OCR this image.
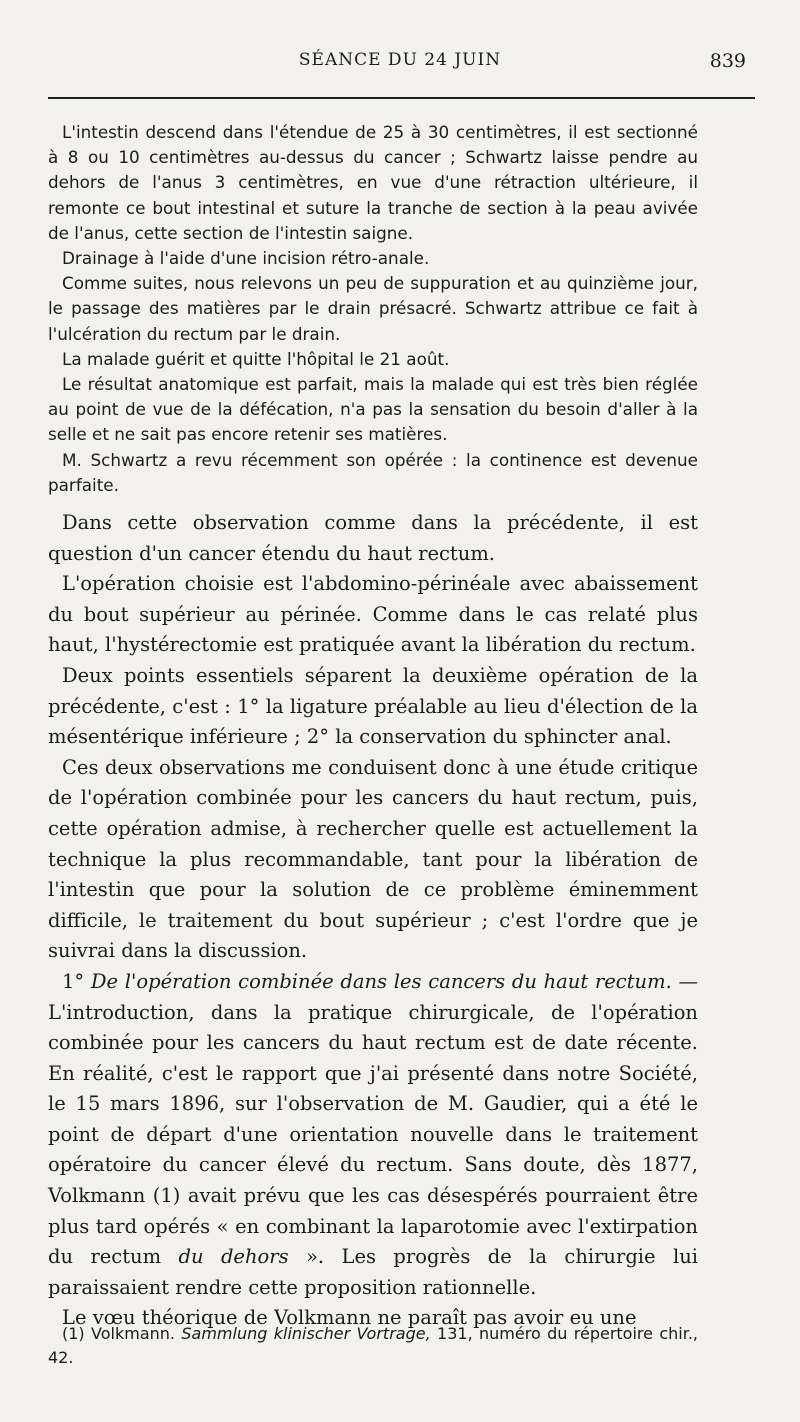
SÉANCE DU 24 JUIN	839

L'intestin descend dans l'étendue de 25 à 30 centimètres, il est sectionné à 8 ou 10 centimètres au-dessus du cancer ; Schwartz laisse pendre au dehors de l'anus 3 centimètres, en vue d'une rétraction ultérieure, il remonte ce bout intestinal et suture la tranche de section à la peau avivée de l'anus, cette section de l'intestin saigne.

Drainage à l'aide d'une incision rétro-anale.

Comme suites, nous relevons un peu de suppuration et au quinzième jour, le passage des matières par le drain présacré. Schwartz attribue ce fait à l'ulcération du rectum par le drain.

La malade guérit et quitte l'hôpital le 21 août.

Le résultat anatomique est parfait, mais la malade qui est très bien réglée au point de vue de la défécation, n'a pas la sensation du besoin d'aller à la selle et ne sait pas encore retenir ses matières.

M. Schwartz a revu récemment son opérée : la continence est devenue parfaite.

Dans cette observation comme dans la précédente, il est question d'un cancer étendu du haut rectum.

L'opération choisie est l'abdomino-périnéale avec abaissement du bout supérieur au périnée. Comme dans le cas relaté plus haut, l'hystérectomie est pratiquée avant la libération du rectum.

Deux points essentiels séparent la deuxième opération de la précédente, c'est : 1° la ligature préalable au lieu d'élection de la mésentérique inférieure ; 2° la conservation du sphincter anal.

Ces deux observations me conduisent donc à une étude critique de l'opération combinée pour les cancers du haut rectum, puis, cette opération admise, à rechercher quelle est actuellement la technique la plus recommandable, tant pour la libération de l'intestin que pour la solution de ce problème éminemment difficile, le traitement du bout supérieur ; c'est l'ordre que je suivrai dans la discussion.

1° De l'opération combinée dans les cancers du haut rectum. — L'introduction, dans la pratique chirurgicale, de l'opération combinée pour les cancers du haut rectum est de date récente. En réalité, c'est le rapport que j'ai présenté dans notre Société, le 15 mars 1896, sur l'observation de M. Gaudier, qui a été le point de départ d'une orientation nouvelle dans le traitement opératoire du cancer élevé du rectum. Sans doute, dès 1877, Volkmann (1) avait prévu que les cas désespérés pourraient être plus tard opérés « en combinant la laparotomie avec l'extirpation du rectum du dehors ». Les progrès de la chirurgie lui paraissaient rendre cette proposition rationnelle.

Le vœu théorique de Volkmann ne paraît pas avoir eu une

(1) Volkmann. Sammlung klinischer Vortrage, 131, numéro du répertoire chir., 42.
